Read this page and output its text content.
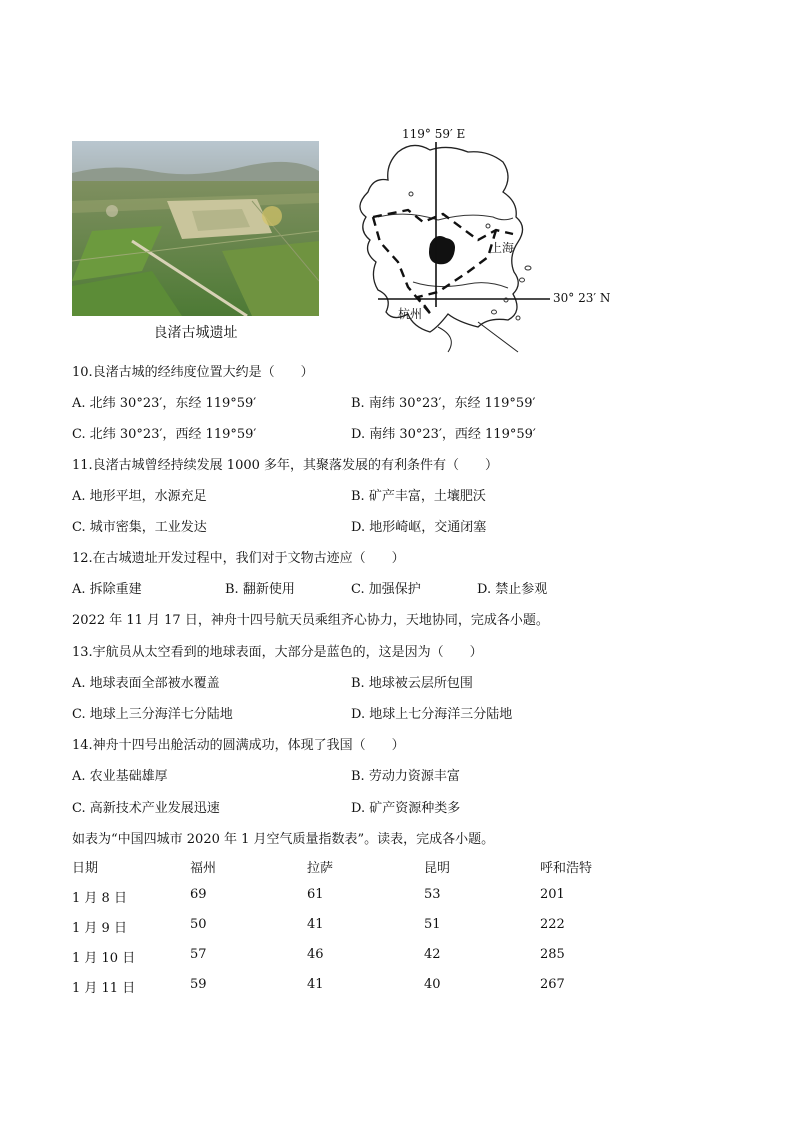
良渚古城遗址
119° 59′ E
30° 23′ N
上海
杭州
10.良渚古城的经纬度位置大约是（　　）
A. 北纬 30°23′，东经 119°59′	B. 南纬 30°23′，东经 119°59′
C. 北纬 30°23′，西经 119°59′	D. 南纬 30°23′，西经 119°59′
11.良渚古城曾经持续发展 1000 多年，其聚落发展的有利条件有（　　）
A. 地形平坦，水源充足	B. 矿产丰富，土壤肥沃
C. 城市密集，工业发达	D. 地形崎岖，交通闭塞
12.在古城遗址开发过程中，我们对于文物古迹应（　　）
A. 拆除重建	B. 翻新使用	C. 加强保护	D. 禁止参观
2022 年 11 月 17 日，神舟十四号航天员乘组齐心协力，天地协同，完成各小题。
13.宇航员从太空看到的地球表面，大部分是蓝色的，这是因为（　　）
A. 地球表面全部被水覆盖	B. 地球被云层所包围
C. 地球上三分海洋七分陆地	D. 地球上七分海洋三分陆地
14.神舟十四号出舱活动的圆满成功，体现了我国（　　）
A. 农业基础雄厚	B. 劳动力资源丰富
C. 高新技术产业发展迅速	D. 矿产资源种类多
如表为“中国四城市 2020 年 1 月空气质量指数表”。读表，完成各小题。
日期	福州	拉萨	昆明	呼和浩特
1 月 8 日	69	61	53	201
1 月 9 日	50	41	51	222
1 月 10 日	57	46	42	285
1 月 11 日	59	41	40	267
